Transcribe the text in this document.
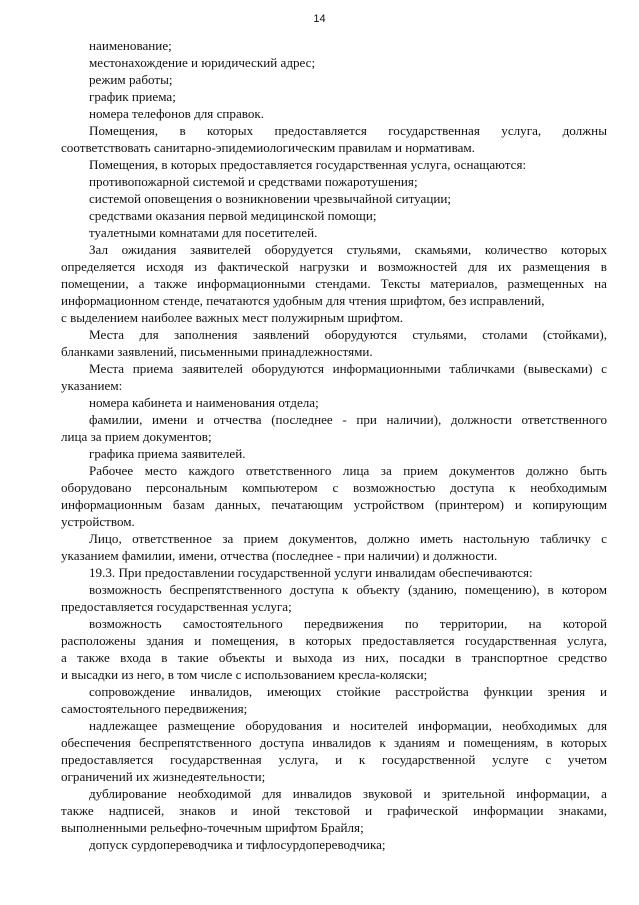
14
наименование;
местонахождение и юридический адрес;
режим работы;
график приема;
номера телефонов для справок.
Помещения, в которых предоставляется государственная услуга, должны
соответствовать санитарно-эпидемиологическим правилам и нормативам.
Помещения, в которых предоставляется государственная услуга, оснащаются:
противопожарной системой и средствами пожаротушения;
системой оповещения о возникновении чрезвычайной ситуации;
средствами оказания первой медицинской помощи;
туалетными комнатами для посетителей.
Зал ожидания заявителей оборудуется стульями, скамьями, количество которых
определяется исходя из фактической нагрузки и возможностей для их размещения в
помещении, а также информационными стендами. Тексты материалов, размещенных на
информационном стенде, печатаются удобным для чтения шрифтом, без исправлений,
с выделением наиболее важных мест полужирным шрифтом.
Места для заполнения заявлений оборудуются стульями, столами (стойками),
бланками заявлений, письменными принадлежностями.
Места приема заявителей оборудуются информационными табличками (вывесками) с
указанием:
номера кабинета и наименования отдела;
фамилии, имени и отчества (последнее - при наличии), должности ответственного
лица за прием документов;
графика приема заявителей.
Рабочее место каждого ответственного лица за прием документов должно быть
оборудовано персональным компьютером с возможностью доступа к необходимым
информационным базам данных, печатающим устройством (принтером) и копирующим
устройством.
Лицо, ответственное за прием документов, должно иметь настольную табличку с
указанием фамилии, имени, отчества (последнее - при наличии) и должности.
19.3. При предоставлении государственной услуги инвалидам обеспечиваются:
возможность беспрепятственного доступа к объекту (зданию, помещению), в котором
предоставляется государственная услуга;
возможность самостоятельного передвижения по территории, на которой
расположены здания и помещения, в которых предоставляется государственная услуга,
а также входа в такие объекты и выхода из них, посадки в транспортное средство
и высадки из него, в том числе с использованием кресла-коляски;
сопровождение инвалидов, имеющих стойкие расстройства функции зрения и
самостоятельного передвижения;
надлежащее размещение оборудования и носителей информации, необходимых для
обеспечения беспрепятственного доступа инвалидов к зданиям и помещениям, в которых
предоставляется государственная услуга, и к государственной услуге с учетом
ограничений их жизнедеятельности;
дублирование необходимой для инвалидов звуковой и зрительной информации, а
также надписей, знаков и иной текстовой и графической информации знаками,
выполненными рельефно-точечным шрифтом Брайля;
допуск сурдопереводчика и тифлосурдопереводчика;
